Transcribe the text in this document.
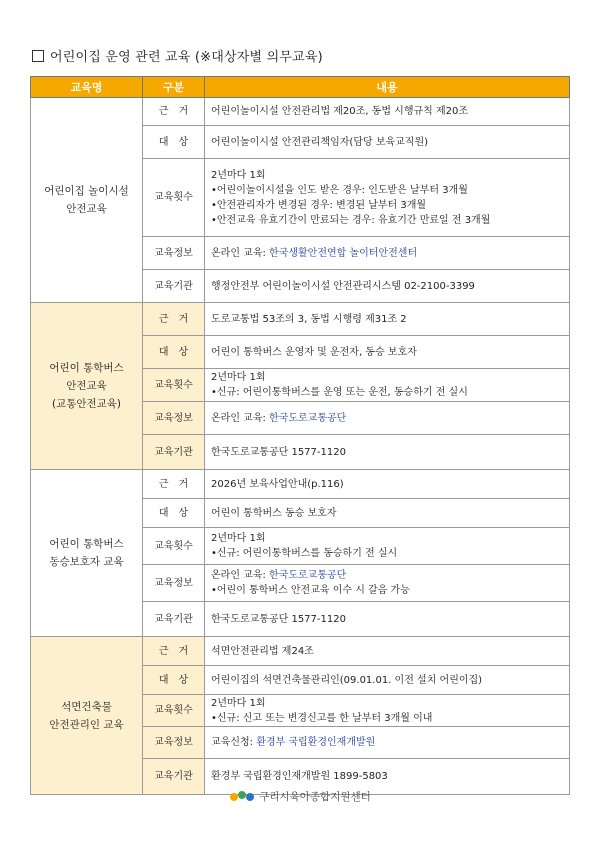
어린이집 운영 관련 교육 (※대상자별 의무교육)
교육명	구분	내용

어린이집 놀이시설
안전교육	근　거	어린이놀이시설 안전관리법 제20조, 동법 시행규칙 제20조

	대　상	어린이놀이시설 안전관리책임자(담당 보육교직원)

	교육횟수	2년마다 1회
•어린이놀이시설을 인도 받은 경우: 인도받은 날부터 3개월
•안전관리자가 변경된 경우: 변경된 날부터 3개월
•안전교육 유효기간이 만료되는 경우: 유효기간 만료일 전 3개월

	교육정보	온라인 교육: 한국생활안전연합 놀이터안전센터

	교육기관	행정안전부 어린이놀이시설 안전관리시스템 02-2100-3399

어린이 통학버스
안전교육
(교통안전교육)	근　거	도로교통법 53조의 3, 동법 시행령 제31조 2

	대　상	어린이 통학버스 운영자 및 운전자, 동승 보호자

	교육횟수	2년마다 1회
•신규: 어린이통학버스를 운영 또는 운전, 동승하기 전 실시

	교육정보	온라인 교육: 한국도로교통공단

	교육기관	한국도로교통공단 1577-1120

어린이 통학버스
동승보호자 교육	근　거	2026년 보육사업안내(p.116)

	대　상	어린이 통학버스 동승 보호자

	교육횟수	2년마다 1회
•신규: 어린이통학버스를 동승하기 전 실시

	교육정보	온라인 교육: 한국도로교통공단
•어린이 통학버스 안전교육 이수 시 갈음 가능

	교육기관	한국도로교통공단 1577-1120

석면건축물
안전관리인 교육	근　거	석면안전관리법 제24조

	대　상	어린이집의 석면건축물관리인(09.01.01. 이전 설치 어린이집)

	교육횟수	2년마다 1회
•신규: 신고 또는 변경신고를 한 날부터 3개월 이내

	교육정보	교육신청: 환경부 국립환경인재개발원

	교육기관	환경부 국립환경인재개발원 1899-5803
구리시육아종합지원센터
